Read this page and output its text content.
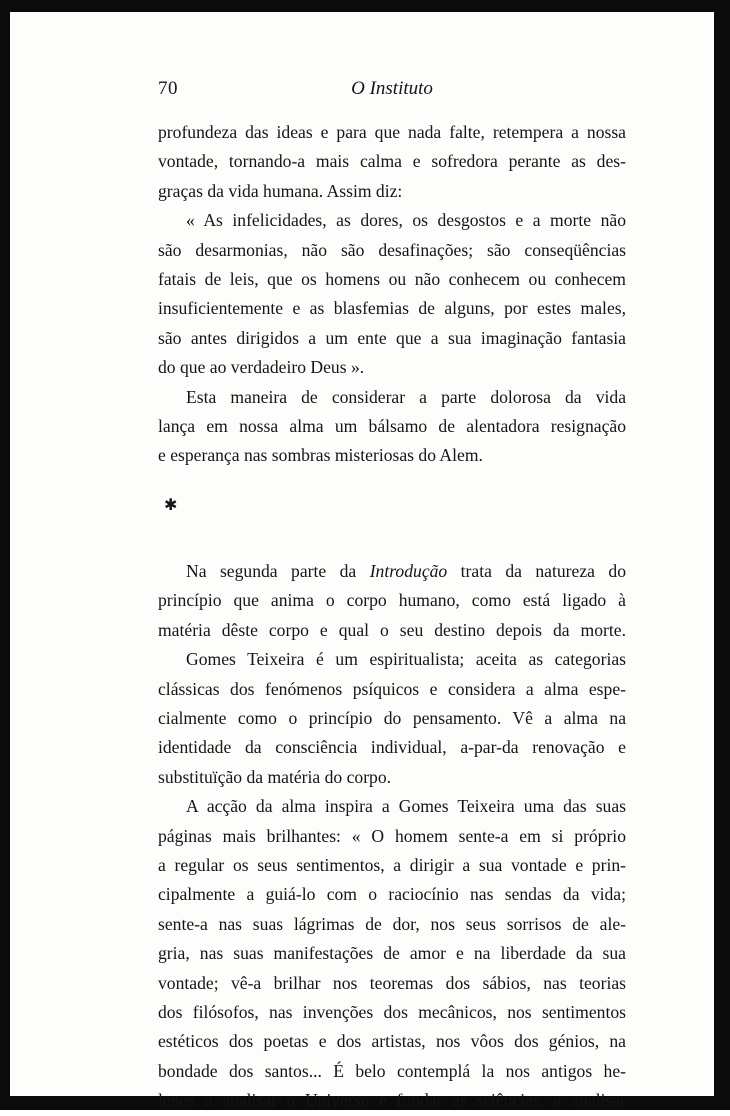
70	O Instituto

profundeza das ideas e para que nada falte, retempera a nossa

vontade, tornando-a mais calma e sofredora perante as des-

graças da vida humana. Assim diz:

« As infelicidades, as dores, os desgostos e a morte não

são desarmonias, não são desafinações; são conseqüências

fatais de leis, que os homens ou não conhecem ou conhecem

insuficientemente e as blasfemias de alguns, por estes males,

são antes dirigidos a um ente que a sua imaginação fantasia

do que ao verdadeiro Deus ».

Esta maneira de considerar a parte dolorosa da vida

lança em nossa alma um bálsamo de alentadora resignação

e esperança nas sombras misteriosas do Alem.

✱

Na segunda parte da Introdução trata da natureza do

princípio que anima o corpo humano, como está ligado à

matéria dêste corpo e qual o seu destino depois da morte.

Gomes Teixeira é um espiritualista; aceita as categorias

clássicas dos fenómenos psíquicos e considera a alma espe-

cialmente como o princípio do pensamento. Vê a alma na

identidade da consciência individual, a-par-da renovação e

substituïção da matéria do corpo.

A acção da alma inspira a Gomes Teixeira uma das suas

páginas mais brilhantes: « O homem sente-a em si próprio

a regular os seus sentimentos, a dirigir a sua vontade e prin-

cipalmente a guiá-lo com o raciocínio nas sendas da vida;

sente-a nas suas lágrimas de dor, nos seus sorrisos de ale-

gria, nas suas manifestações de amor e na liberdade da sua

vontade; vê-a brilhar nos teoremas dos sábios, nas teorias

dos filósofos, nas invenções dos mecânicos, nos sentimentos

estéticos dos poetas e dos artistas, nos vôos dos génios, na

bondade dos santos... É belo contemplá la nos antigos he-

lenos a analisar o Universo e fundar as sciências, a analisar
